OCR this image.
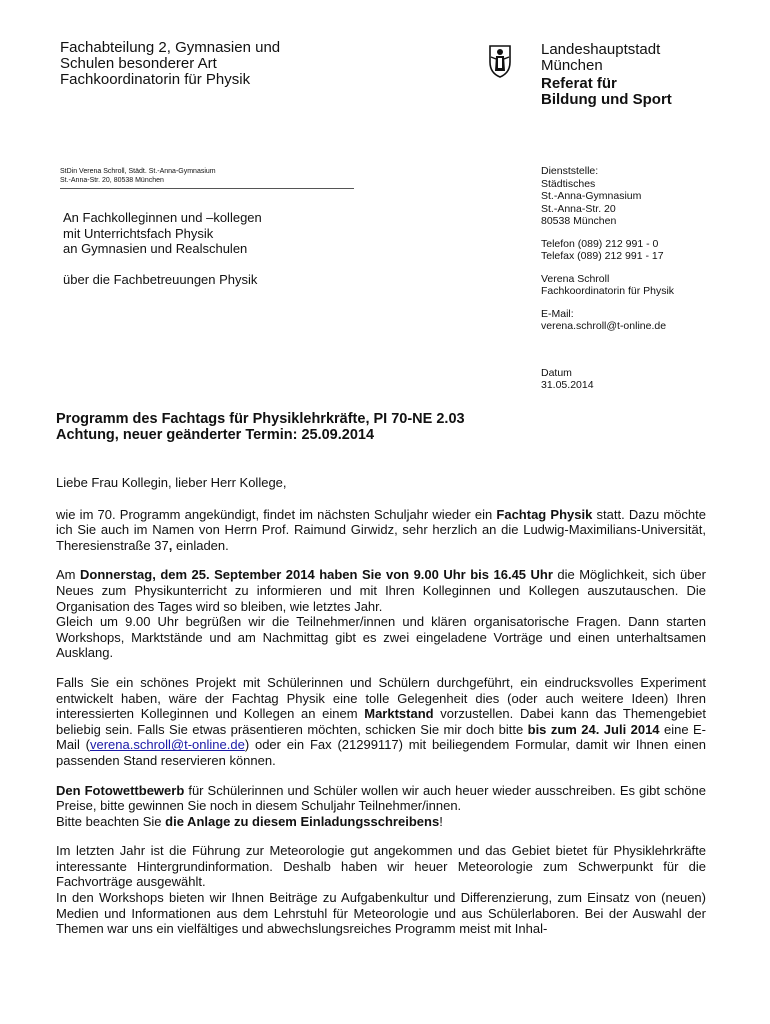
Fachabteilung 2, Gymnasien und
Schulen besonderer Art
Fachkoordinatorin für Physik
Landeshauptstadt
München
Referat für
Bildung und Sport
StDin Verena Schroll, Städt. St.-Anna-Gymnasium
St.-Anna-Str. 20, 80538 München
An Fachkolleginnen und –kollegen
mit Unterrichtsfach Physik
an Gymnasien und Realschulen
über die Fachbetreuungen Physik
Dienststelle:
Städtisches
St.-Anna-Gymnasium
St.-Anna-Str. 20
80538 München
Telefon (089) 212 991 - 0
Telefax (089) 212 991 - 17
Verena Schroll
Fachkoordinatorin für Physik
E-Mail:
verena.schroll@t-online.de
Datum
31.05.2014
Programm des Fachtags für Physiklehrkräfte, PI 70-NE 2.03
Achtung, neuer geänderter Termin: 25.09.2014

Liebe Frau Kollegin, lieber Herr Kollege,

wie im 70. Programm angekündigt, findet im nächsten Schuljahr wieder ein Fachtag Physik statt. Dazu möchte ich Sie auch im Namen von Herrn Prof. Raimund Girwidz, sehr herzlich an die Ludwig-Maximilians-Universität, Theresienstraße 37, einladen.

Am Donnerstag, dem 25. September 2014 haben Sie von 9.00 Uhr bis 16.45 Uhr die Möglichkeit, sich über Neues zum Physikunterricht zu informieren und mit Ihren Kolleginnen und Kollegen auszutauschen. Die Organisation des Tages wird so bleiben, wie letztes Jahr.
Gleich um 9.00 Uhr begrüßen wir die Teilnehmer/innen und klären organisatorische Fragen. Dann starten Workshops, Marktstände und am Nachmittag gibt es zwei eingeladene Vorträge und einen unterhaltsamen Ausklang.

Falls Sie ein schönes Projekt mit Schülerinnen und Schülern durchgeführt, ein eindrucksvolles Experiment entwickelt haben, wäre der Fachtag Physik eine tolle Gelegenheit dies (oder auch weitere Ideen) Ihren interessierten Kolleginnen und Kollegen an einem Marktstand vorzustellen. Dabei kann das Themengebiet beliebig sein. Falls Sie etwas präsentieren möchten, schicken Sie mir doch bitte bis zum 24. Juli 2014 eine E-Mail (verena.schroll@t-online.de) oder ein Fax (21299117) mit beiliegendem Formular, damit wir Ihnen einen passenden Stand reservieren können.

Den Fotowettbewerb für Schülerinnen und Schüler wollen wir auch heuer wieder ausschreiben. Es gibt schöne Preise, bitte gewinnen Sie noch in diesem Schuljahr Teilnehmer/innen.
Bitte beachten Sie die Anlage zu diesem Einladungsschreibens!

Im letzten Jahr ist die Führung zur Meteorologie gut angekommen und das Gebiet bietet für Physiklehrkräfte interessante Hintergrundinformation. Deshalb haben wir heuer Meteorologie zum Schwerpunkt für die Fachvorträge ausgewählt.
In den Workshops bieten wir Ihnen Beiträge zu Aufgabenkultur und Differenzierung, zum Einsatz von (neuen) Medien und Informationen aus dem Lehrstuhl für Meteorologie und aus Schülerlaboren. Bei der Auswahl der Themen war uns ein vielfältiges und abwechslungsreiches Programm meist mit Inhal-
